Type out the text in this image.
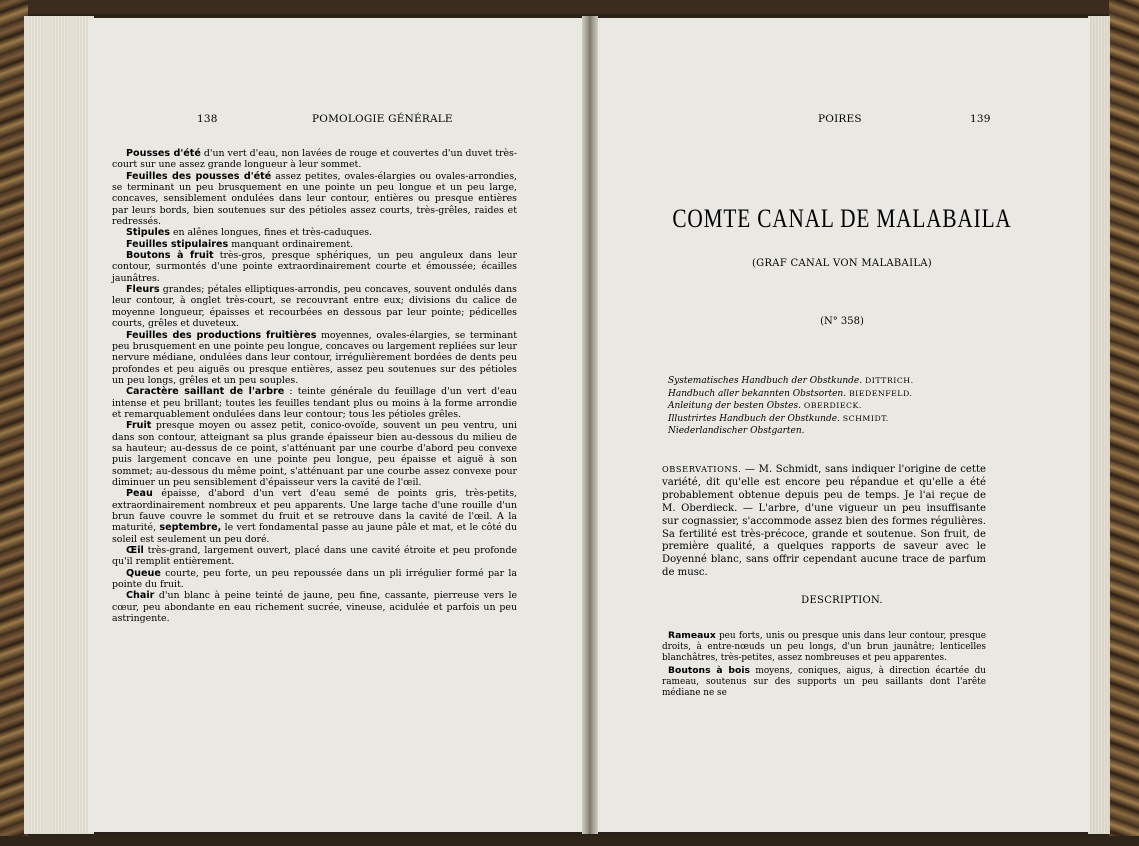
138	POMOLOGIE GÉNÉRALE

Pousses d'été d'un vert d'eau, non lavées de rouge et couvertes d'un duvet très-court sur une assez grande longueur à leur sommet.

Feuilles des pousses d'été assez petites, ovales-élargies ou ovales-arrondies, se terminant un peu brusquement en une pointe un peu longue et un peu large, concaves, sensiblement ondulées dans leur contour, entières ou presque entières par leurs bords, bien soutenues sur des pétioles assez courts, très-grêles, raides et redressés.

Stipules en alênes longues, fines et très-caduques.

Feuilles stipulaires manquant ordinairement.

Boutons à fruit très-gros, presque sphériques, un peu anguleux dans leur contour, surmontés d'une pointe extraordinairement courte et émoussée; écailles jaunâtres.

Fleurs grandes; pétales elliptiques-arrondis, peu concaves, souvent ondulés dans leur contour, à onglet très-court, se recouvrant entre eux; divisions du calice de moyenne longueur, épaisses et recourbées en dessous par leur pointe; pédicelles courts, grêles et duveteux.

Feuilles des productions fruitières moyennes, ovales-élargies, se terminant peu brusquement en une pointe peu longue, concaves ou largement repliées sur leur nervure médiane, ondulées dans leur contour, irrégulièrement bordées de dents peu profondes et peu aiguës ou presque entières, assez peu soutenues sur des pétioles un peu longs, grêles et un peu souples.

Caractère saillant de l'arbre : teinte générale du feuillage d'un vert d'eau intense et peu brillant; toutes les feuilles tendant plus ou moins à la forme arrondie et remarquablement ondulées dans leur contour; tous les pétioles grêles.

Fruit presque moyen ou assez petit, conico-ovoïde, souvent un peu ventru, uni dans son contour, atteignant sa plus grande épaisseur bien au-dessous du milieu de sa hauteur; au-dessus de ce point, s'atténuant par une courbe d'abord peu convexe puis largement concave en une pointe peu longue, peu épaisse et aiguë à son sommet; au-dessous du même point, s'atténuant par une courbe assez convexe pour diminuer un peu sensiblement d'épaisseur vers la cavité de l'œil.

Peau épaisse, d'abord d'un vert d'eau semé de points gris, très-petits, extraordinairement nombreux et peu apparents. Une large tache d'une rouille d'un brun fauve couvre le sommet du fruit et se retrouve dans la cavité de l'œil. A la maturité, septembre, le vert fondamental passe au jaune pâle et mat, et le côté du soleil est seulement un peu doré.

Œil très-grand, largement ouvert, placé dans une cavité étroite et peu profonde qu'il remplit entièrement.

Queue courte, peu forte, un peu repoussée dans un pli irrégulier formé par la pointe du fruit.

Chair d'un blanc à peine teinté de jaune, peu fine, cassante, pierreuse vers le cœur, peu abondante en eau richement sucrée, vineuse, acidulée et parfois un peu astringente.

POIRES	139
COMTE CANAL DE MALABAILA
(GRAF CANAL VON MALABAILA)
(N° 358)
Systematisches Handbuch der Obstkunde. DITTRICH.
Handbuch aller bekannten Obstsorten. BIEDENFELD.
Anleitung der besten Obstes. OBERDIECK.
Illustrirtes Handbuch der Obstkunde. SCHMIDT.
Niederlandischer Obstgarten.
OBSERVATIONS. — M. Schmidt, sans indiquer l'origine de cette variété, dit qu'elle est encore peu répandue et qu'elle a été probablement obtenue depuis peu de temps. Je l'ai reçue de M. Oberdieck. — L'arbre, d'une vigueur un peu insuffisante sur cognassier, s'accommode assez bien des formes régulières. Sa fertilité est très-précoce, grande et soutenue. Son fruit, de première qualité, a quelques rapports de saveur avec le Doyenné blanc, sans offrir cependant aucune trace de parfum de musc.
DESCRIPTION.

Rameaux peu forts, unis ou presque unis dans leur contour, presque droits, à entre-nœuds un peu longs, d'un brun jaunâtre; lenticelles blanchâtres, très-petites, assez nombreuses et peu apparentes.

Boutons à bois moyens, coniques, aigus, à direction écartée du rameau, soutenus sur des supports un peu saillants dont l'arête médiane ne se
